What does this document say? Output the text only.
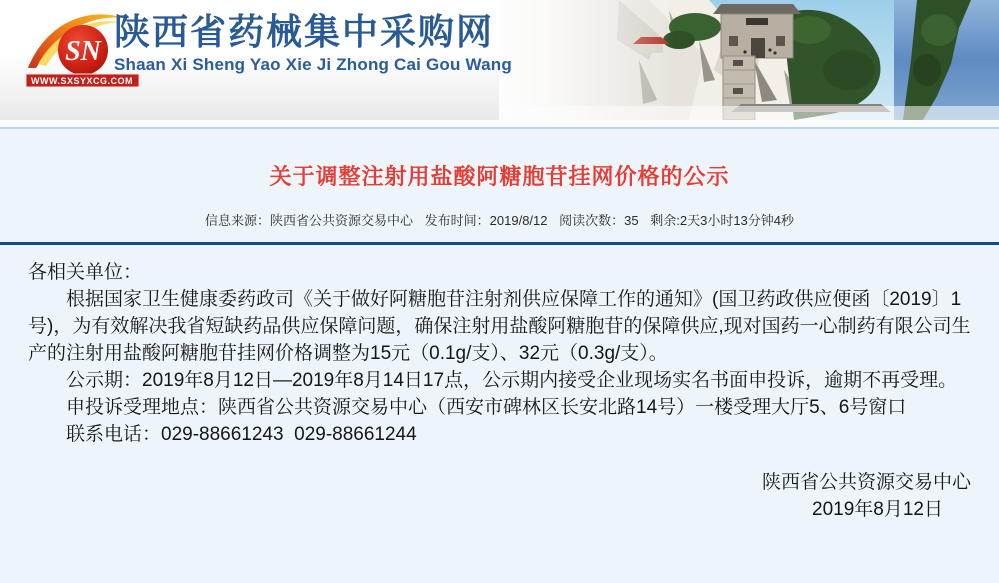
SN
WWW.SXSYXCG.COM
陕西省药械集中采购网
Shaan Xi Sheng Yao Xie Ji Zhong Cai Gou Wang
关于调整注射用盐酸阿糖胞苷挂网价格的公示
信息来源：陕西省公共资源交易中心 发布时间：2019/8/12 阅读次数：35 剩余:2天3小时13分钟4秒

各相关单位：

根据国家卫生健康委药政司《关于做好阿糖胞苷注射剂供应保障工作的通知》(国卫药政供应便函〔2019〕1号)，为有效解决我省短缺药品供应保障问题，确保注射用盐酸阿糖胞苷的保障供应,现对国药一心制药有限公司生产的注射用盐酸阿糖胞苷挂网价格调整为15元（0.1g/支）、32元（0.3g/支）。

公示期：2019年8月12日—2019年8月14日17点，公示期内接受企业现场实名书面申投诉，逾期不再受理。

申投诉受理地点：陕西省公共资源交易中心（西安市碑林区长安北路14号）一楼受理大厅5、6号窗口

联系电话：029-88661243  029-88661244

陕西省公共资源交易中心
2019年8月12日
